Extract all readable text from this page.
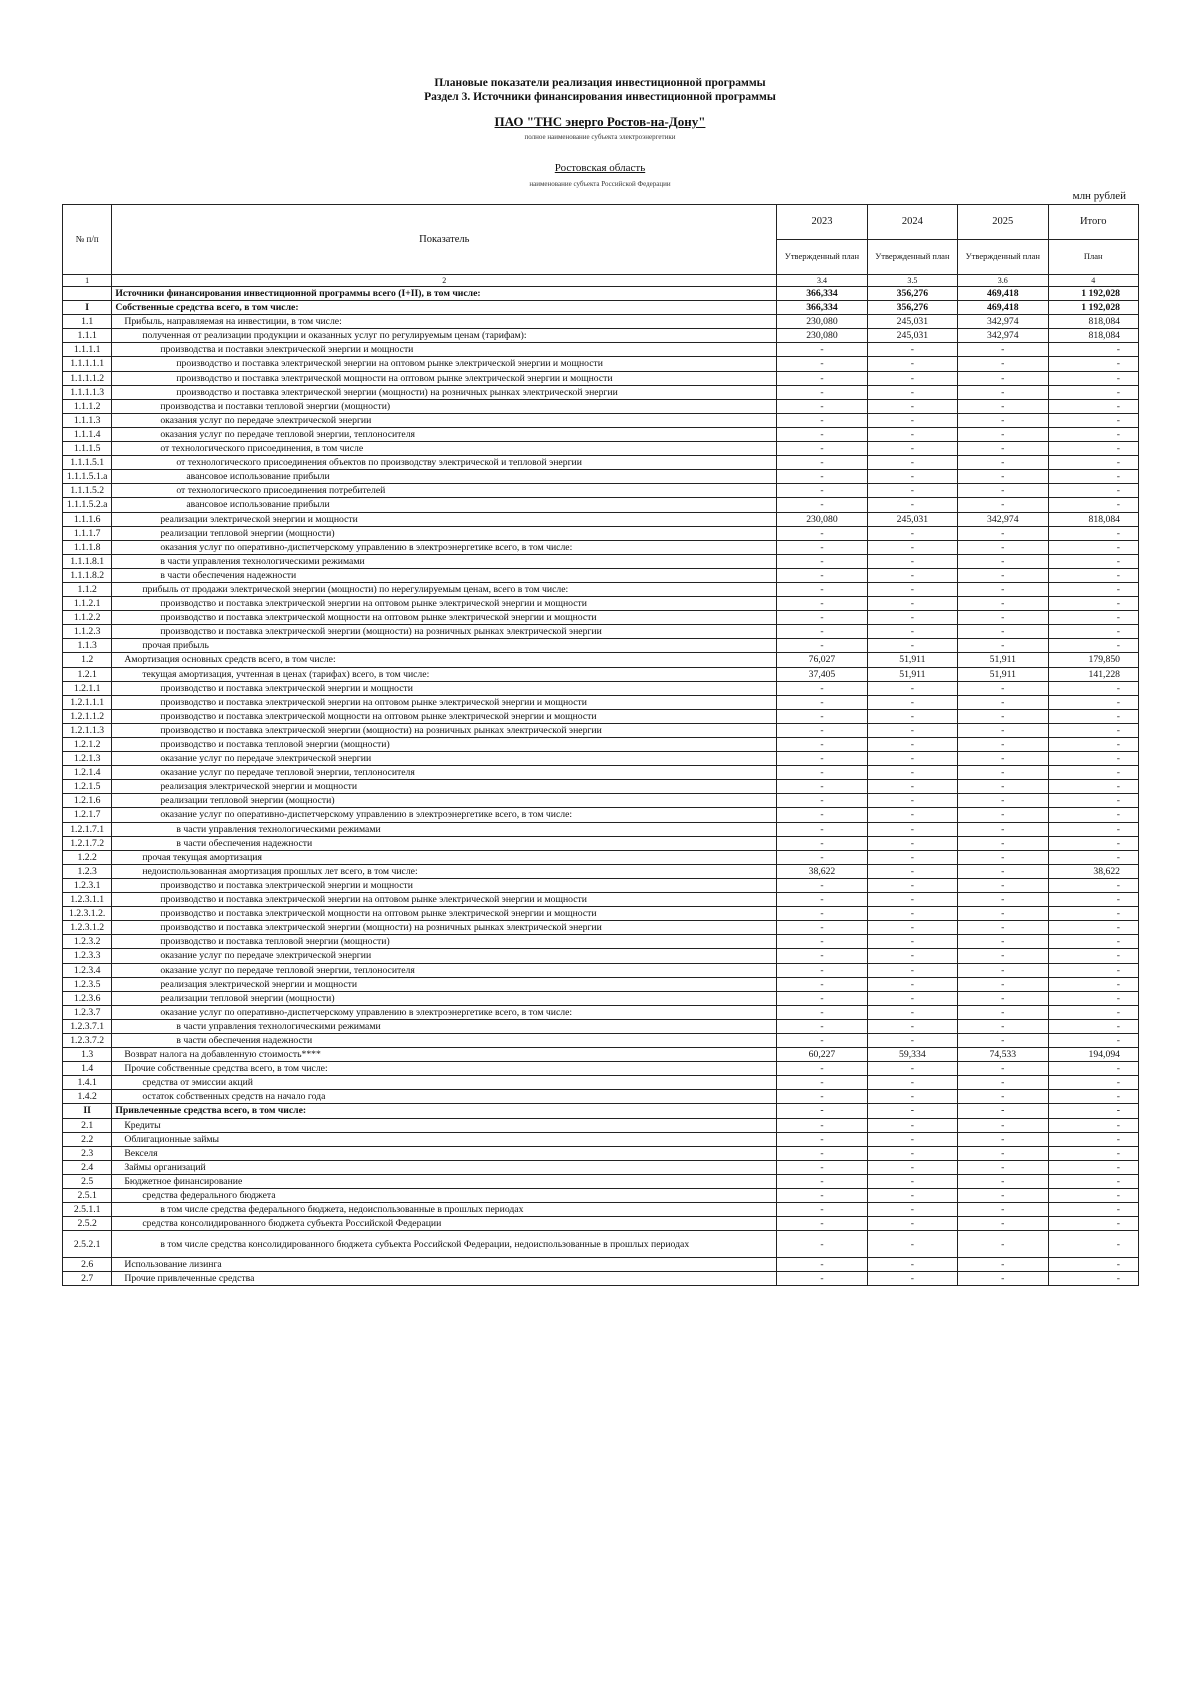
Плановые показатели реализация инвестиционной программы
Раздел 3. Источники финансирования инвестиционной программы
ПАО "ТНС энерго Ростов-на-Дону"
полное наименование субъекта электроэнергетики
Ростовская область
наименование субъекта Российской Федерации
млн рублей
№ п/п	Показатель	2023	2024	2025	Итого
		Утвержденный план	Утвержденный план	Утвержденный план	План
1	2	3.4	3.5	3.6	4
	Источники финансирования инвестиционной программы всего (I+II), в том числе:	366,334	356,276	469,418	1 192,028
I	Собственные средства всего, в том числе:	366,334	356,276	469,418	1 192,028
1.1	Прибыль, направляемая на инвестиции, в том числе:	230,080	245,031	342,974	818,084
1.1.1	полученная от реализации продукции и оказанных услуг по регулируемым ценам (тарифам):	230,080	245,031	342,974	818,084
1.1.1.1	производства и поставки электрической энергии и мощности	-	-	-	-
1.1.1.1.1	производство и поставка электрической энергии на оптовом рынке электрической энергии и мощности	-	-	-	-
1.1.1.1.2	производство и поставка электрической мощности на оптовом рынке электрической энергии и мощности	-	-	-	-
1.1.1.1.3	производство и поставка электрической энергии (мощности) на розничных рынках электрической энергии	-	-	-	-
1.1.1.2	производства и поставки тепловой энергии (мощности)	-	-	-	-
1.1.1.3	оказания услуг по передаче электрической энергии	-	-	-	-
1.1.1.4	оказания услуг по передаче тепловой энергии, теплоносителя	-	-	-	-
1.1.1.5	от технологического присоединения, в том числе	-	-	-	-
1.1.1.5.1	от технологического присоединения объектов по производству электрической и тепловой энергии	-	-	-	-
1.1.1.5.1.a	авансовое использование прибыли	-	-	-	-
1.1.1.5.2	от технологического присоединения потребителей	-	-	-	-
1.1.1.5.2.a	авансовое использование прибыли	-	-	-	-
1.1.1.6	реализации электрической энергии и мощности	230,080	245,031	342,974	818,084
1.1.1.7	реализации тепловой энергии (мощности)	-	-	-	-
1.1.1.8	оказания услуг по оперативно-диспетчерскому управлению в электроэнергетике всего, в том числе:	-	-	-	-
1.1.1.8.1	в части управления технологическими режимами	-	-	-	-
1.1.1.8.2	в части обеспечения надежности	-	-	-	-
1.1.2	прибыль от продажи электрической энергии (мощности) по нерегулируемым ценам, всего в том числе:	-	-	-	-
1.1.2.1	производство и поставка электрической энергии на оптовом рынке электрической энергии и мощности	-	-	-	-
1.1.2.2	производство и поставка электрической мощности на оптовом рынке электрической энергии и мощности	-	-	-	-
1.1.2.3	производство и поставка электрической энергии (мощности) на розничных рынках электрической энергии	-	-	-	-
1.1.3	прочая прибыль	-	-	-	-
1.2	Амортизация основных средств всего, в том числе:	76,027	51,911	51,911	179,850
1.2.1	текущая амортизация, учтенная в ценах (тарифах) всего, в том числе:	37,405	51,911	51,911	141,228
1.2.1.1	производство и поставка электрической энергии и мощности	-	-	-	-
1.2.1.1.1	производство и поставка электрической энергии на оптовом рынке электрической энергии и мощности	-	-	-	-
1.2.1.1.2	производство и поставка электрической мощности на оптовом рынке электрической энергии и мощности	-	-	-	-
1.2.1.1.3	производство и поставка электрической энергии (мощности) на розничных рынках электрической энергии	-	-	-	-
1.2.1.2	производство и поставка тепловой энергии (мощности)	-	-	-	-
1.2.1.3	оказание услуг по передаче электрической энергии	-	-	-	-
1.2.1.4	оказание услуг по передаче тепловой энергии, теплоносителя	-	-	-	-
1.2.1.5	реализация электрической энергии и мощности	-	-	-	-
1.2.1.6	реализации тепловой энергии (мощности)	-	-	-	-
1.2.1.7	оказание услуг по оперативно-диспетчерскому управлению в электроэнергетике всего, в том числе:	-	-	-	-
1.2.1.7.1	в части управления технологическими режимами	-	-	-	-
1.2.1.7.2	в части обеспечения надежности	-	-	-	-
1.2.2	прочая текущая амортизация	-	-	-	-
1.2.3	недоиспользованная амортизация прошлых лет всего, в том числе:	38,622	-	-	38,622
1.2.3.1	производство и поставка электрической энергии и мощности	-	-	-	-
1.2.3.1.1	производство и поставка электрической энергии на оптовом рынке электрической энергии и мощности	-	-	-	-
1.2.3.1.2.	производство и поставка электрической мощности на оптовом рынке электрической энергии и мощности	-	-	-	-
1.2.3.1.2	производство и поставка электрической энергии (мощности) на розничных рынках электрической энергии	-	-	-	-
1.2.3.2	производство и поставка тепловой энергии (мощности)	-	-	-	-
1.2.3.3	оказание услуг по передаче электрической энергии	-	-	-	-
1.2.3.4	оказание услуг по передаче тепловой энергии, теплоносителя	-	-	-	-
1.2.3.5	реализация электрической энергии и мощности	-	-	-	-
1.2.3.6	реализации тепловой энергии (мощности)	-	-	-	-
1.2.3.7	оказание услуг по оперативно-диспетчерскому управлению в электроэнергетике всего, в том числе:	-	-	-	-
1.2.3.7.1	в части управления технологическими режимами	-	-	-	-
1.2.3.7.2	в части обеспечения надежности	-	-	-	-
1.3	Возврат налога на добавленную стоимость****	60,227	59,334	74,533	194,094
1.4	Прочие собственные средства всего, в том числе:	-	-	-	-
1.4.1	средства от эмиссии акций	-	-	-	-
1.4.2	остаток собственных средств на начало года	-	-	-	-
II	Привлеченные средства всего, в том числе:	-	-	-	-
2.1	Кредиты	-	-	-	-
2.2	Облигационные займы	-	-	-	-
2.3	Векселя	-	-	-	-
2.4	Займы организаций	-	-	-	-
2.5	Бюджетное финансирование	-	-	-	-
2.5.1	средства федерального бюджета	-	-	-	-
2.5.1.1	в том числе средства федерального бюджета, недоиспользованные в прошлых периодах	-	-	-	-
2.5.2	средства консолидированного бюджета субъекта Российской Федерации	-	-	-	-
2.5.2.1	в том числе средства консолидированного бюджета субъекта Российской Федерации, недоиспользованные в прошлых периодах	-	-	-	-
2.6	Использование лизинга	-	-	-	-
2.7	Прочие привлеченные средства	-	-	-	-
